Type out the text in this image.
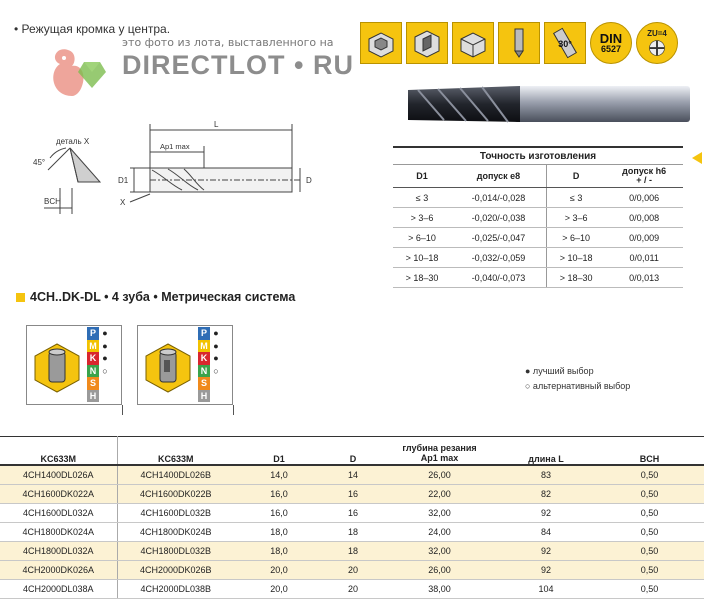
• Режущая кромка у центра.
это фото из лота, выставленного на
DIRECTLOT • RU
30° DIN
6527
ZU=4
деталь X
45°
BCH
L
Ap1 max
D1	D
X
Точность изготовления			
D1	допуск e8	D	допуск h6
+ / -
≤ 3	-0,014/-0,028	≤ 3	0/0,006
> 3–6	-0,020/-0,038	> 3–6	0/0,008
> 6–10	-0,025/-0,047	> 6–10	0/0,009
> 10–18	-0,032/-0,059	> 10–18	0/0,011
> 18–30	-0,040/-0,073	> 18–30	0/0,013
4CH..DK-DL • 4 зуба • Метрическая система
P ●
M ●
K ●
N ○
S
H
P ●
M ●
K ●
N ○
S
H
● лучший выбор
○ альтернативный выбор
KC633M	KC633M	D1	D	глубина резания
Ap1 max	длина L	BCH
4CH1400DL026A	4CH1400DL026B	14,0	14	26,00	83	0,50
4CH1600DK022A	4CH1600DK022B	16,0	16	22,00	82	0,50
4CH1600DL032A	4CH1600DL032B	16,0	16	32,00	92	0,50
4CH1800DK024A	4CH1800DK024B	18,0	18	24,00	84	0,50
4CH1800DL032A	4CH1800DL032B	18,0	18	32,00	92	0,50
4CH2000DK026A	4CH2000DK026B	20,0	20	26,00	92	0,50
4CH2000DL038A	4CH2000DL038B	20,0	20	38,00	104	0,50
